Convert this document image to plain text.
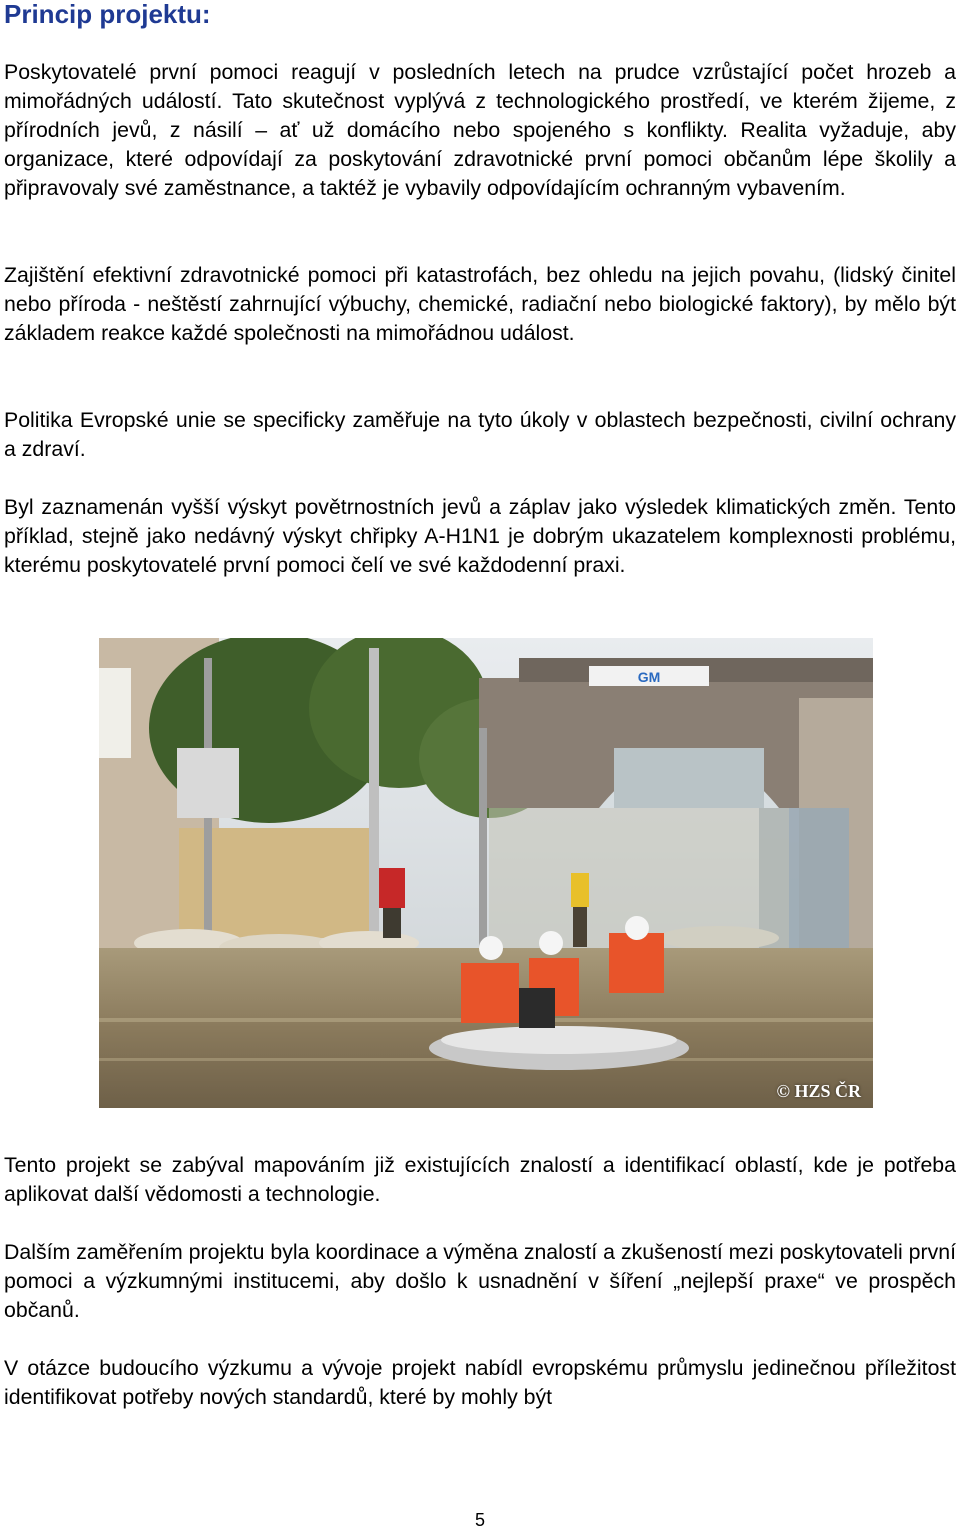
Princip projektu:

Poskytovatelé první pomoci reagují v posledních letech na prudce vzrůstající počet hrozeb a mimořádných událostí. Tato skutečnost vyplývá z technologického prostředí, ve kterém žijeme, z přírodních jevů, z násilí – ať už domácího nebo spojeného s konflikty. Realita vyžaduje, aby organizace, které odpovídají za poskytování zdravotnické první pomoci občanům lépe školily a připravovaly své zaměstnance, a taktéž je vybavily odpovídajícím ochranným vybavením.

Zajištění efektivní zdravotnické pomoci při katastrofách, bez ohledu na jejich povahu, (lidský činitel nebo příroda - neštěstí zahrnující výbuchy, chemické, radiační nebo biologické faktory), by mělo být základem reakce každé společnosti na mimořádnou událost.

Politika Evropské unie se specificky zaměřuje na tyto úkoly v oblastech bezpečnosti, civilní ochrany a zdraví.

Byl zaznamenán vyšší výskyt povětrnostních jevů a záplav jako výsledek klimatických změn. Tento příklad, stejně jako nedávný výskyt chřipky A-H1N1 je dobrým ukazatelem komplexnosti problému, kterému poskytovatelé první pomoci čelí ve své každodenní praxi.

GM
© HZS ČR

Tento projekt se zabýval mapováním již existujících znalostí a identifikací oblastí, kde je potřeba aplikovat další vědomosti a technologie.

Dalším zaměřením projektu byla koordinace a výměna znalostí a zkušeností mezi poskytovateli první pomoci a výzkumnými institucemi, aby došlo k usnadnění v šíření „nejlepší praxe“ ve prospěch občanů.

V otázce budoucího výzkumu a vývoje projekt nabídl evropskému průmyslu jedinečnou příležitost identifikovat potřeby nových standardů, které by mohly být

5
